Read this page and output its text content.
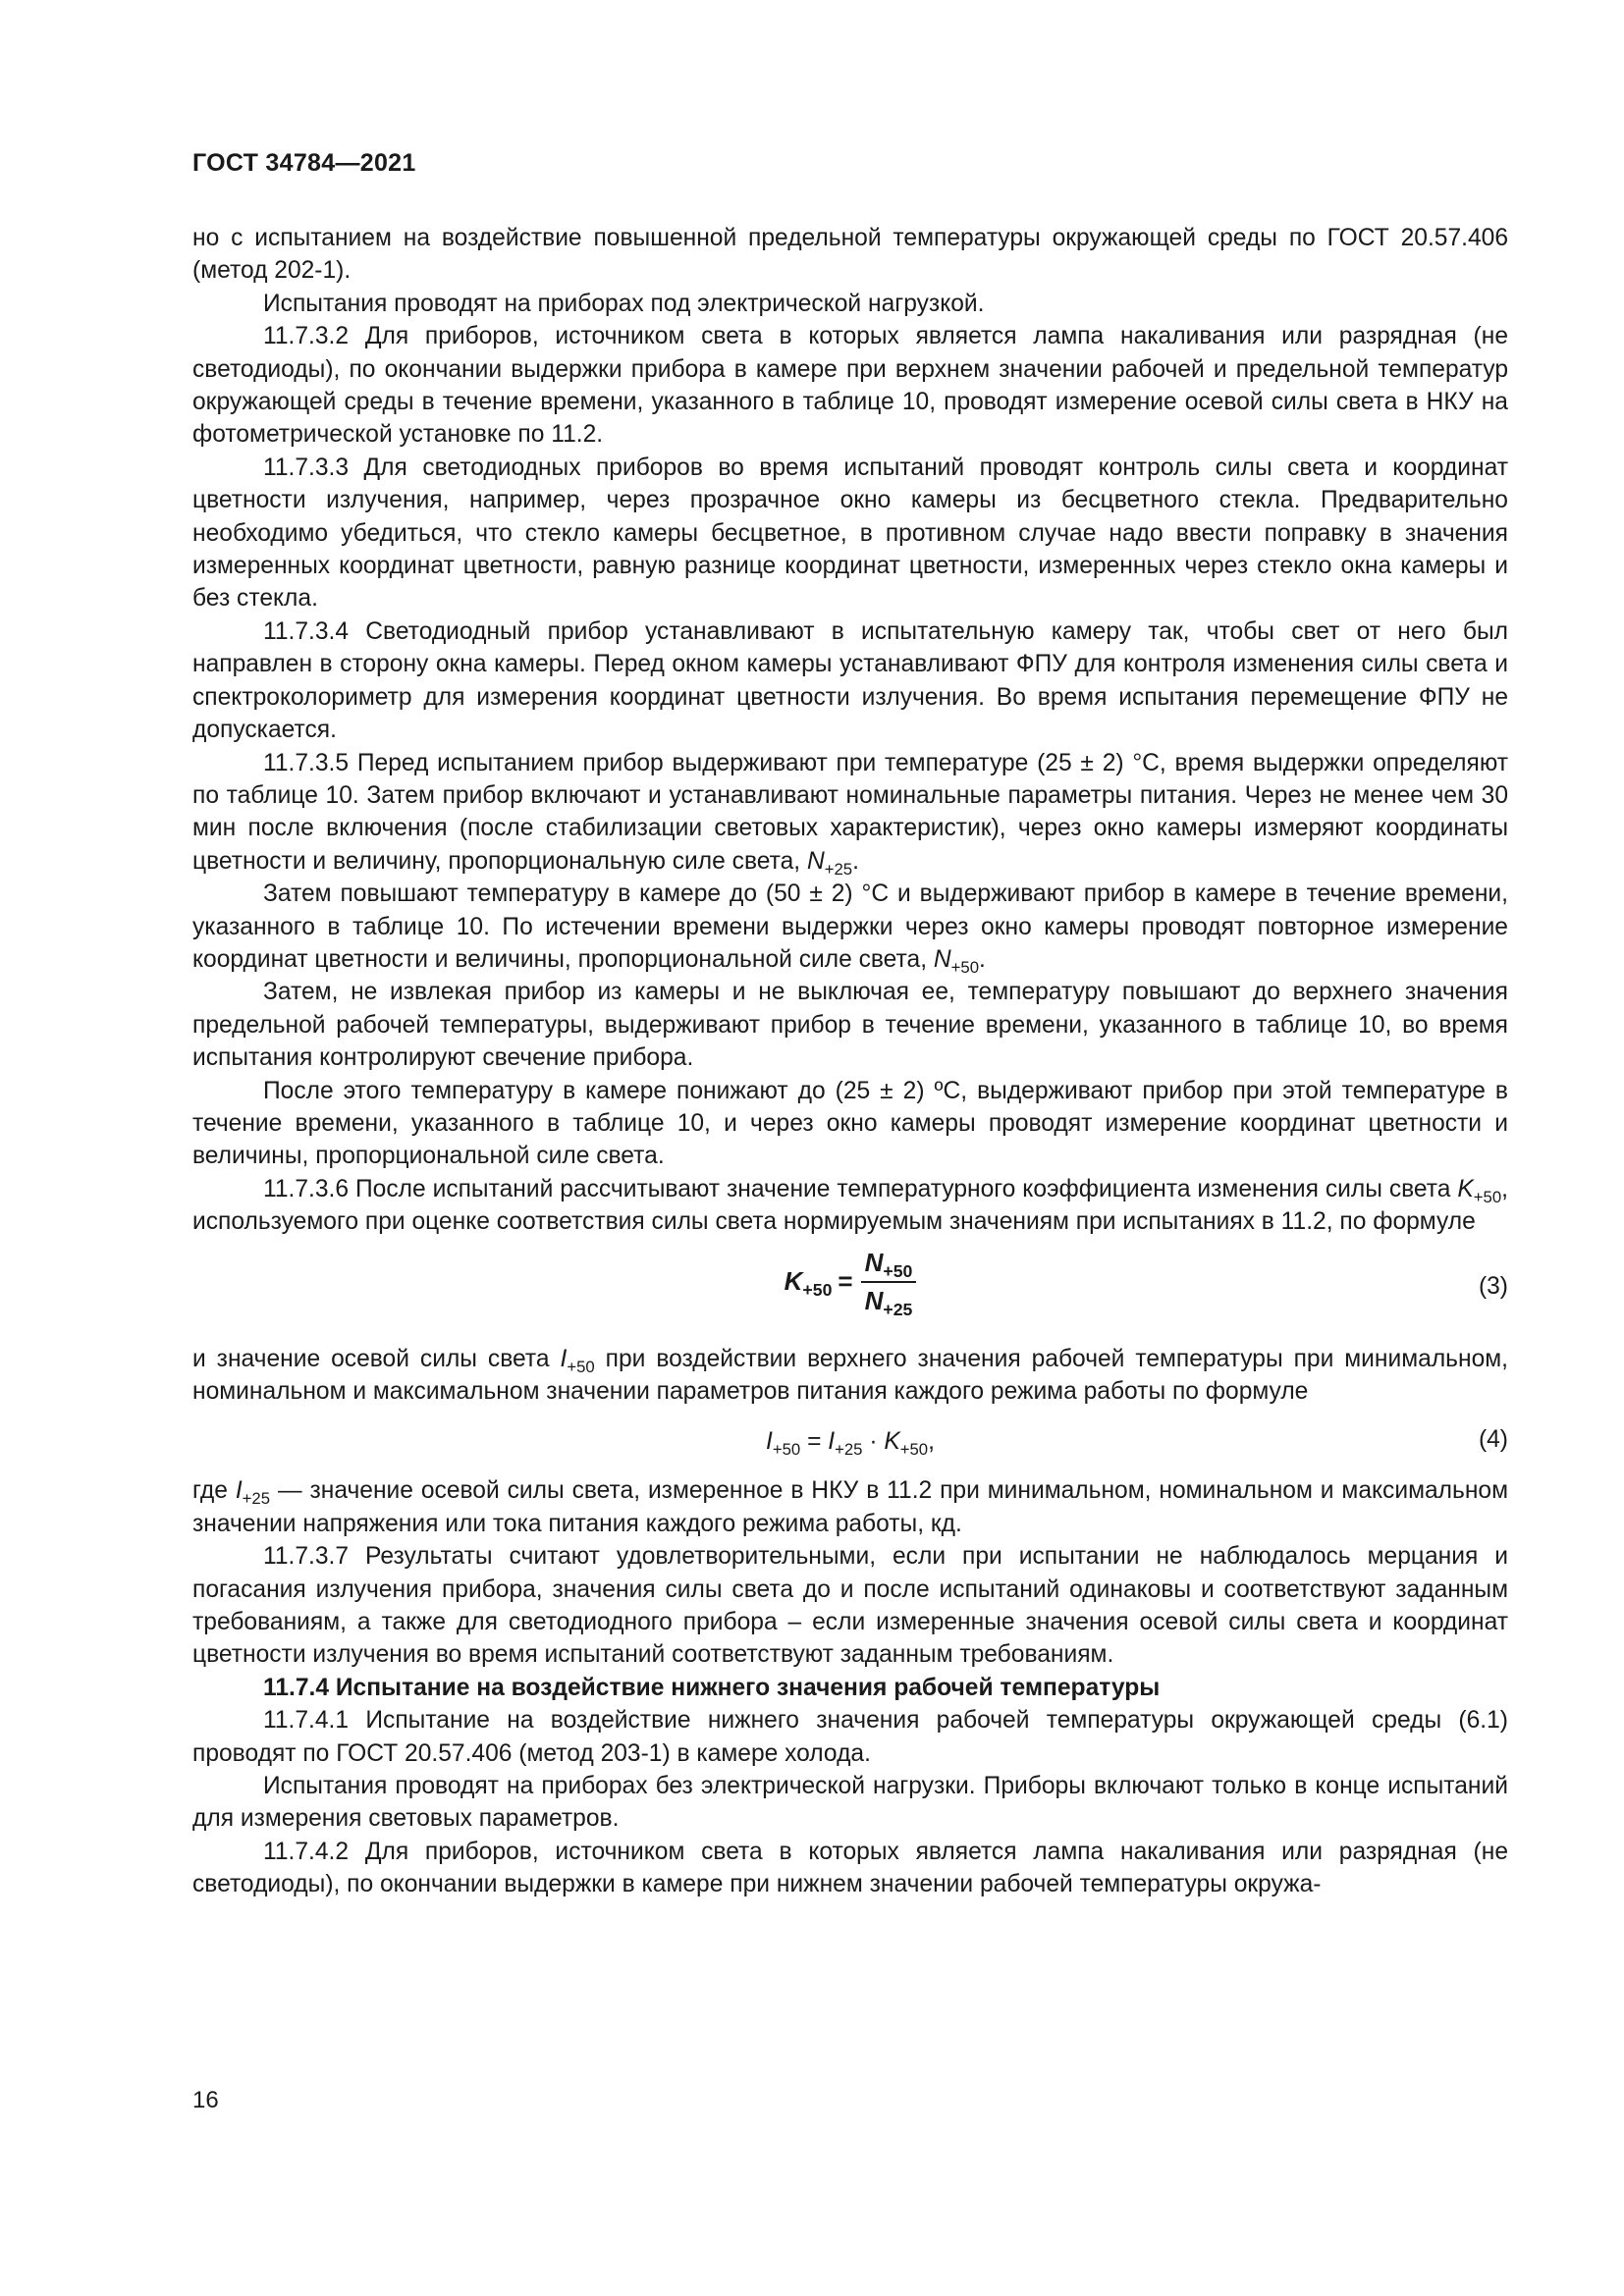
ГОСТ 34784—2021

но с испытанием на воздействие повышенной предельной температуры окружающей среды по ГОСТ 20.57.406 (метод 202-1).

Испытания проводят на приборах под электрической нагрузкой.

11.7.3.2 Для приборов, источником света в которых является лампа накаливания или разрядная (не светодиоды), по окончании выдержки прибора в камере при верхнем значении рабочей и предельной температур окружающей среды в течение времени, указанного в таблице 10, проводят измерение осевой силы света в НКУ на фотометрической установке по 11.2.

11.7.3.3 Для светодиодных приборов во время испытаний проводят контроль силы света и координат цветности излучения, например, через прозрачное окно камеры из бесцветного стекла. Предварительно необходимо убедиться, что стекло камеры бесцветное, в противном случае надо ввести поправку в значения измеренных координат цветности, равную разнице координат цветности, измеренных через стекло окна камеры и без стекла.

11.7.3.4 Светодиодный прибор устанавливают в испытательную камеру так, чтобы свет от него был направлен в сторону окна камеры. Перед окном камеры устанавливают ФПУ для контроля изменения силы света и спектроколориметр для измерения координат цветности излучения. Во время испытания перемещение ФПУ не допускается.

11.7.3.5 Перед испытанием прибор выдерживают при температуре (25 ± 2) °С, время выдержки определяют по таблице 10. Затем прибор включают и устанавливают номинальные параметры питания. Через не менее чем 30 мин после включения (после стабилизации световых характеристик), через окно камеры измеряют координаты цветности и величину, пропорциональную силе света, $N_{+25}$.

Затем повышают температуру в камере до (50 ± 2) °С и выдерживают прибор в камере в течение времени, указанного в таблице 10. По истечении времени выдержки через окно камеры проводят повторное измерение координат цветности и величины, пропорциональной силе света, $N_{+50}$.

Затем, не извлекая прибор из камеры и не выключая ее, температуру повышают до верхнего значения предельной рабочей температуры, выдерживают прибор в течение времени, указанного в таблице 10, во время испытания контролируют свечение прибора.

После этого температуру в камере понижают до (25 ± 2) ºС, выдерживают прибор при этой температуре в течение времени, указанного в таблице 10, и через окно камеры проводят измерение координат цветности и величины, пропорциональной силе света.

11.7.3.6 После испытаний рассчитывают значение температурного коэффициента изменения силы света $K_{+50}$, используемого при оценке соответствия силы света нормируемым значениям при испытаниях в 11.2, по формуле

$K_{+50} = \frac{N_{+50}}{N_{+25}}$	(3)

и значение осевой силы света $I_{+50}$ при воздействии верхнего значения рабочей температуры при минимальном, номинальном и максимальном значении параметров питания каждого режима работы по формуле

$I_{+50} = I_{+25} \cdot K_{+50}$,	(4)

где $I_{+25}$ — значение осевой силы света, измеренное в НКУ в 11.2 при минимальном, номинальном и максимальном значении напряжения или тока питания каждого режима работы, кд.

11.7.3.7 Результаты считают удовлетворительными, если при испытании не наблюдалось мерцания и погасания излучения прибора, значения силы света до и после испытаний одинаковы и соответствуют заданным требованиям, а также для светодиодного прибора – если измеренные значения осевой силы света и координат цветности излучения во время испытаний соответствуют заданным требованиям.

11.7.4 Испытание на воздействие нижнего значения рабочей температуры

11.7.4.1 Испытание на воздействие нижнего значения рабочей температуры окружающей среды (6.1) проводят по ГОСТ 20.57.406 (метод 203-1) в камере холода.

Испытания проводят на приборах без электрической нагрузки. Приборы включают только в конце испытаний для измерения световых параметров.

11.7.4.2 Для приборов, источником света в которых является лампа накаливания или разрядная (не светодиоды), по окончании выдержки в камере при нижнем значении рабочей температуры окружа-

16
